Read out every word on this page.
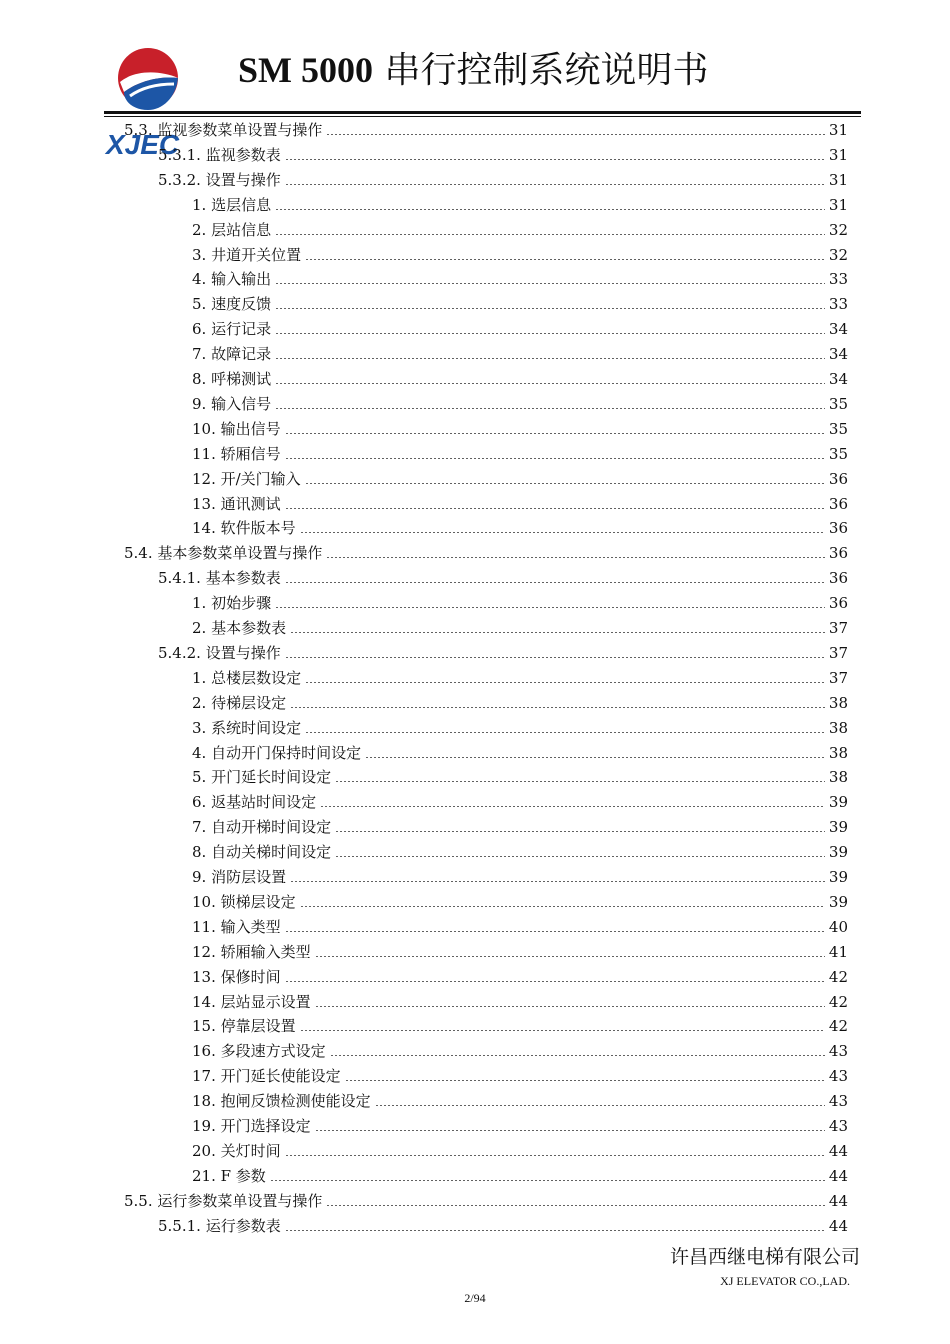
XJEC
SM 5000 串行控制系统说明书
5.3. 监视参数菜单设置与操作	31
5.3.1. 监视参数表	31
5.3.2. 设置与操作	31
1. 选层信息	31
2. 层站信息	32
3. 井道开关位置	32
4. 输入输出	33
5. 速度反馈	33
6. 运行记录	34
7. 故障记录	34
8. 呼梯测试	34
9. 输入信号	35
10. 输出信号	35
11. 轿厢信号	35
12. 开/关门输入	36
13. 通讯测试	36
14. 软件版本号	36
5.4. 基本参数菜单设置与操作	36
5.4.1. 基本参数表	36
1. 初始步骤	36
2. 基本参数表	37
5.4.2. 设置与操作	37
1. 总楼层数设定	37
2. 待梯层设定	38
3. 系统时间设定	38
4. 自动开门保持时间设定	38
5. 开门延长时间设定	38
6. 返基站时间设定	39
7. 自动开梯时间设定	39
8. 自动关梯时间设定	39
9. 消防层设置	39
10. 锁梯层设定	39
11. 输入类型	40
12. 轿厢输入类型	41
13. 保修时间	42
14. 层站显示设置	42
15. 停靠层设置	42
16. 多段速方式设定	43
17. 开门延长使能设定	43
18. 抱闸反馈检测使能设定	43
19. 开门选择设定	43
20. 关灯时间	44
21. F 参数	44
5.5. 运行参数菜单设置与操作	44
5.5.1. 运行参数表	44
许昌西继电梯有限公司
XJ ELEVATOR CO.,LAD.
2/94
